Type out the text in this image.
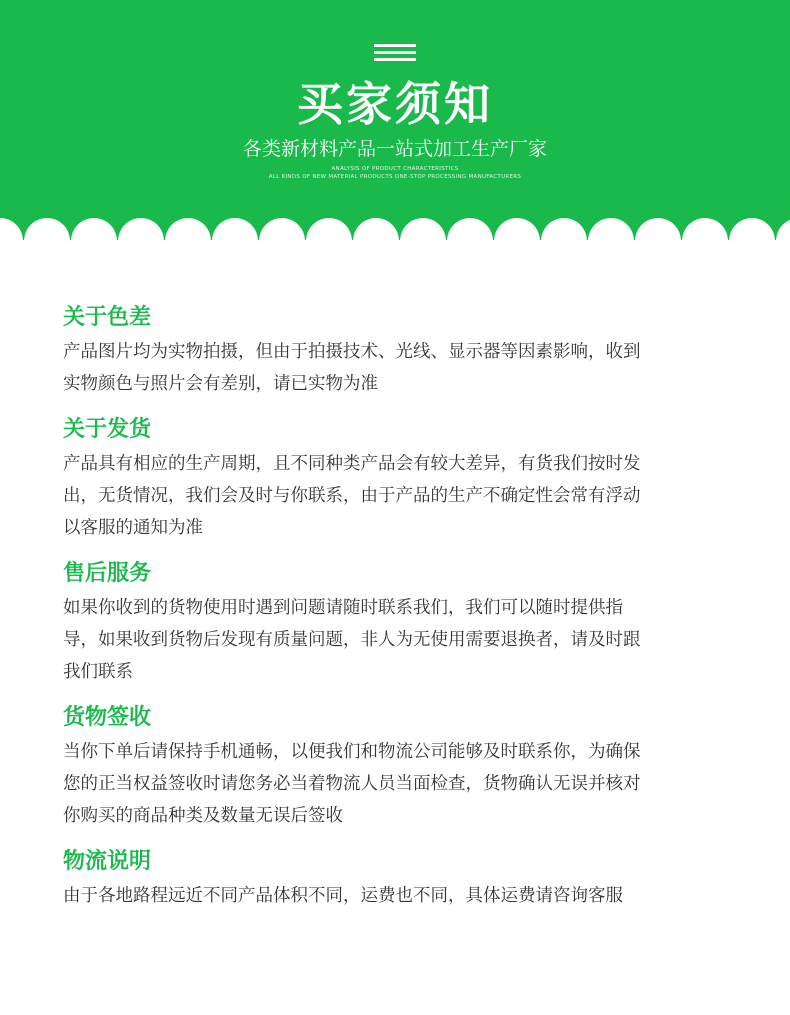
买家须知
各类新材料产品一站式加工生产厂家
ANALYSIS OF PRODUCT CHARACTERISTICS
ALL KINDS OF NEW MATERIAL PRODUCTS ONE-STOP PROCESSING MANUFACTURERS
关于色差

产品图片均为实物拍摄，但由于拍摄技术、光线、显示器等因素影响，收到
实物颜色与照片会有差别，请已实物为准

关于发货

产品具有相应的生产周期，且不同种类产品会有较大差异，有货我们按时发
出，无货情况，我们会及时与你联系，由于产品的生产不确定性会常有浮动
以客服的通知为准

售后服务

如果你收到的货物使用时遇到问题请随时联系我们，我们可以随时提供指
导，如果收到货物后发现有质量问题，非人为无使用需要退换者，请及时跟
我们联系

货物签收

当你下单后请保持手机通畅，以便我们和物流公司能够及时联系你，为确保
您的正当权益签收时请您务必当着物流人员当面检查，货物确认无误并核对
你购买的商品种类及数量无误后签收

物流说明

由于各地路程远近不同产品体积不同，运费也不同，具体运费请咨询客服
